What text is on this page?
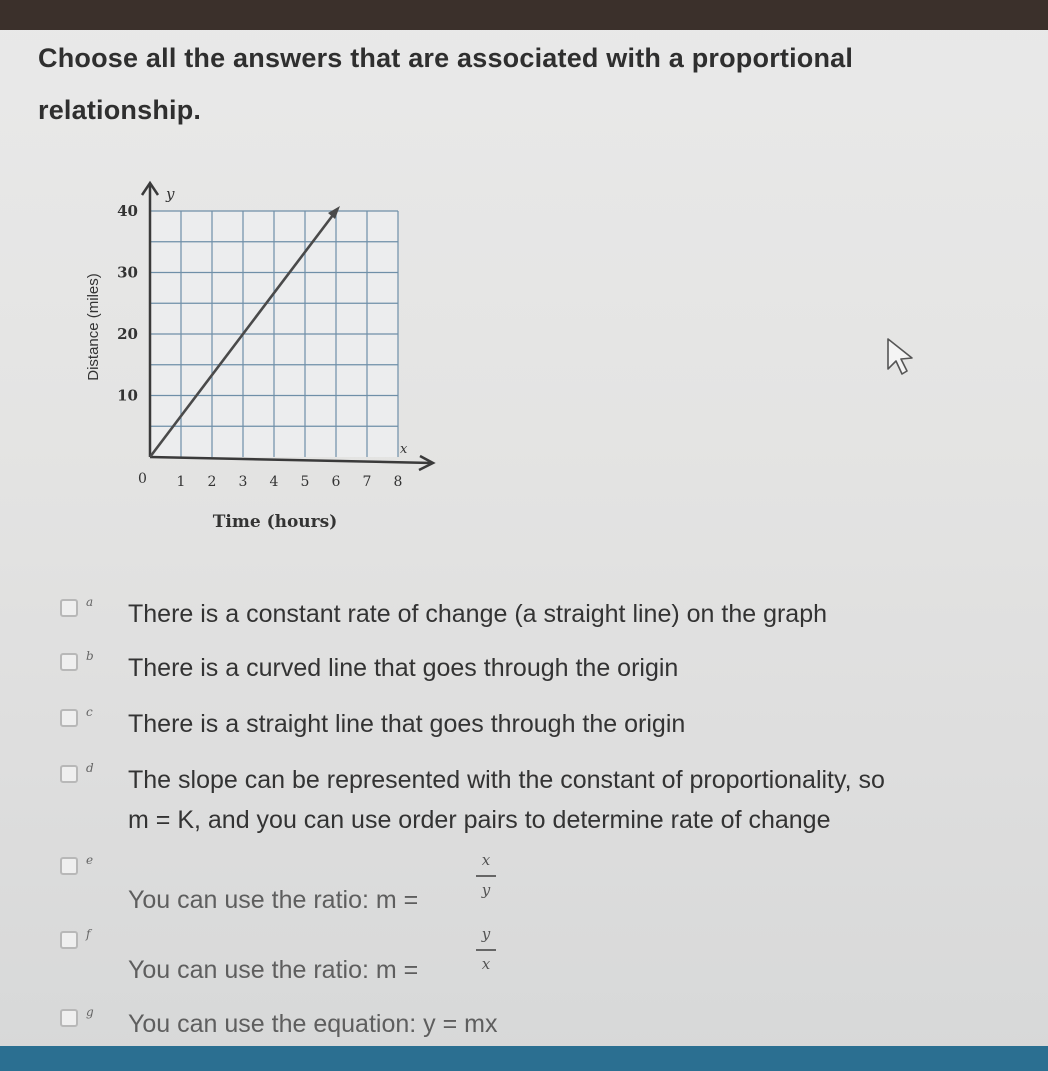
Choose all the answers that are associated with a proportional
relationship.
y
x
0
Time (hours)
Distance (miles)
1 2 3 4 5 6 7 8
10
20
30
40
a There is a constant rate of change (a straight line) on the graph
b There is a curved line that goes through the origin
c There is a straight line that goes through the origin
d The slope can be represented with the constant of proportionality, so
m = K, and you can use order pairs to determine rate of change
e
You can use the ratio: m =
x
y
f
You can use the ratio: m =
y
x
g You can use the equation: y = mx
